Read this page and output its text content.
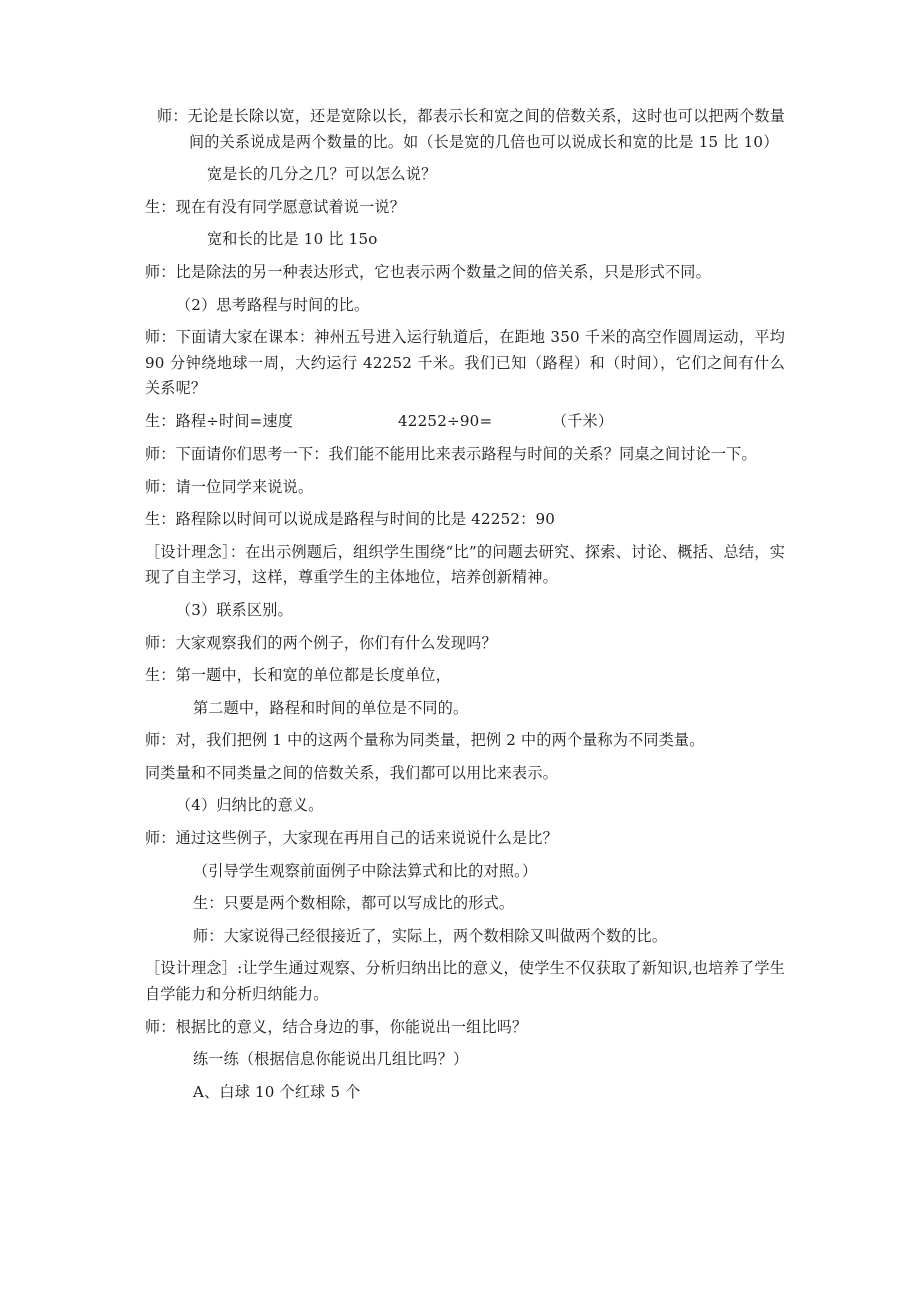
师：无论是长除以宽，还是宽除以长，都表示长和宽之间的倍数关系，这时也可以把两个数量间的关系说成是两个数量的比。如（长是宽的几倍也可以说成长和宽的比是 15 比 10）

宽是长的几分之几？可以怎么说？

生：现在有没有同学愿意试着说一说？

宽和长的比是 10 比 15o

师：比是除法的另一种表达形式，它也表示两个数量之间的倍关系，只是形式不同。

（2）思考路程与时间的比。

师：下面请大家在课本：神州五号进入运行轨道后，在距地 350 千米的高空作圆周运动，平均 90 分钟绕地球一周，大约运行 42252 千米。我们已知（路程）和（时间），它们之间有什么关系呢？

生：路程÷时间=速度	42252÷90=	（千米）

师：下面请你们思考一下：我们能不能用比来表示路程与时间的关系？同桌之间讨论一下。

师：请一位同学来说说。

生：路程除以时间可以说成是路程与时间的比是 42252：90

［设计理念］：在出示例题后，组织学生围绕“比”的问题去研究、探索、讨论、概括、总结，实现了自主学习，这样，尊重学生的主体地位，培养创新精神。

（3）联系区别。

师：大家观察我们的两个例子，你们有什么发现吗？

生：第一题中，长和宽的单位都是长度单位，

第二题中，路程和时间的单位是不同的。

师：对，我们把例 1 中的这两个量称为同类量，把例 2 中的两个量称为不同类量。

同类量和不同类量之间的倍数关系，我们都可以用比来表示。

（4）归纳比的意义。

师：通过这些例子，大家现在再用自己的话来说说什么是比？

（引导学生观察前面例子中除法算式和比的对照。）

生：只要是两个数相除，都可以写成比的形式。

师：大家说得己经很接近了，实际上，两个数相除又叫做两个数的比。

［设计理念］:让学生通过观察、分析归纳出比的意义，使学生不仅获取了新知识,也培养了学生自学能力和分析归纳能力。

师：根据比的意义，结合身边的事，你能说出一组比吗？

练一练（根据信息你能说出几组比吗？）

A、白球 10 个红球 5 个
